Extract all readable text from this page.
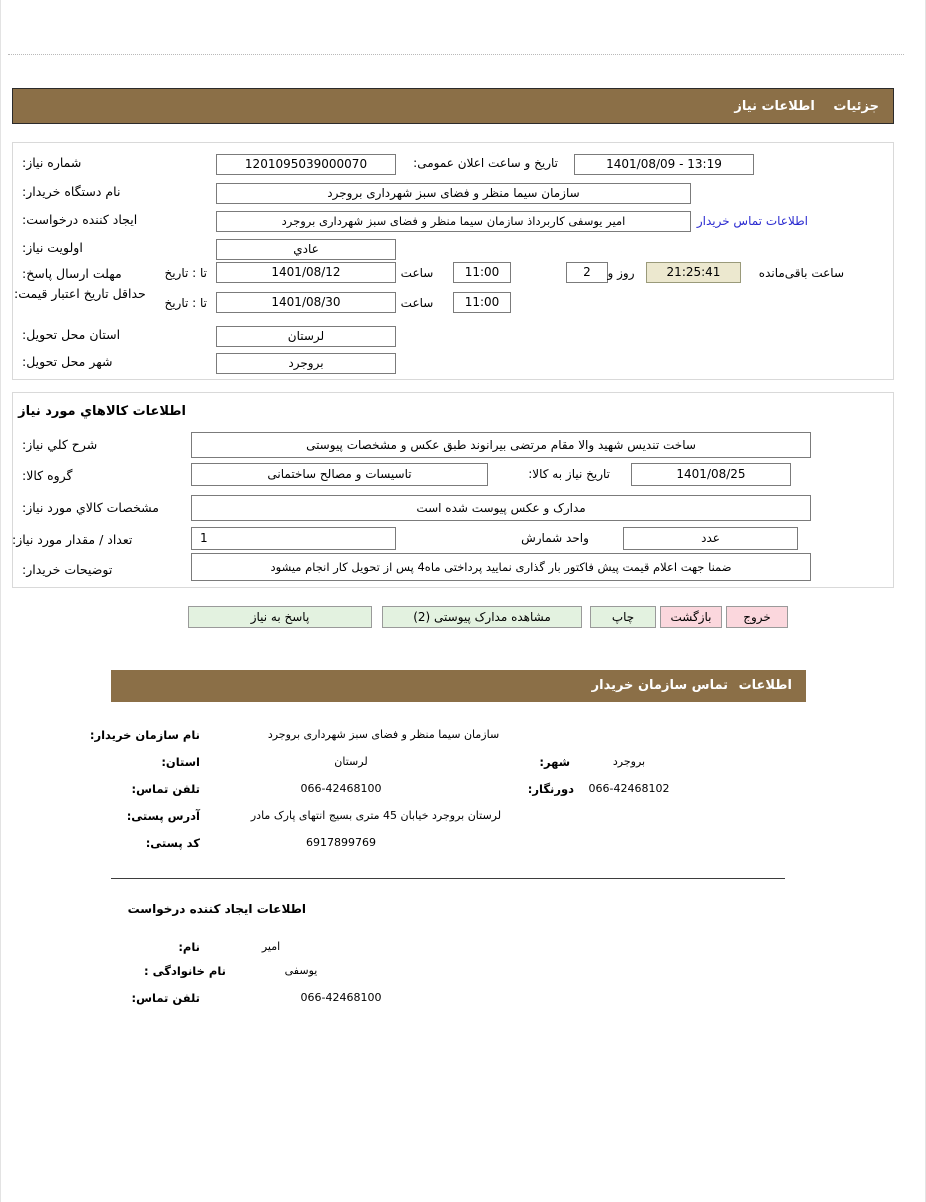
جزئیات اطلاعات نیاز
شماره نیاز:	1201095039000070	تاریخ و ساعت اعلان عمومی:	1401/08/09 - 13:19
نام دستگاه خریدار:	سازمان سیما منظر و فضای سبز شهرداری بروجرد
ایجاد کننده درخواست:	امیر یوسفی کاربرداذ سازمان سیما منظر و فضای سبز شهرداری بروجرد	اطلاعات تماس خریدار
اولویت نیاز:	عادي
مهلت ارسال پاسخ:	تا : تاریخ	1401/08/12	ساعت	11:00	2	روز و	21:25:41	ساعت باقی‌مانده
حداقل تاریخ اعتبار قیمت:
تا : تاریخ	1401/08/30	ساعت	11:00
استان محل تحویل:	لرستان
شهر محل تحویل:	بروجرد
اطلاعات کالاهاي مورد نیاز
شرح کلي نیاز:	ساخت تندیس شهید والا مقام مرتضی بیرانوند طبق عکس و مشخصات پیوستی
گروه کالا:	تاسیسات و مصالح ساختمانی	تاریخ نیاز به کالا:	1401/08/25
مشخصات کالاي مورد نیاز:	مدارک و عکس پیوست شده است
تعداد / مقدار مورد نیاز:	1	واحد شمارش	عدد
توضیحات خریدار:	ضمنا جهت اعلام قیمت پیش فاکتور بار گذاری نمایید پرداختی ماه4 پس از تحویل کار انجام میشود
پاسخ به نیاز	مشاهده مدارک پیوستی (2)	چاپ	بازگشت	خروج
اطلاعات تماس سازمان خریدار
نام سازمان خریدار:	سازمان سیما منظر و فضای سبز شهرداری بروجرد
استان:	لرستان	شهر:	بروجرد
تلفن تماس:	066-42468100	دورنگار:	066-42468102
آدرس پستی:	لرستان بروجرد خیابان 45 متری بسیج انتهای پارک مادر
کد پستی:	6917899769
اطلاعات ایجاد کننده درخواست
نام:	امیر
نام خانوادگی :	یوسفی
تلفن تماس:	066-42468100
